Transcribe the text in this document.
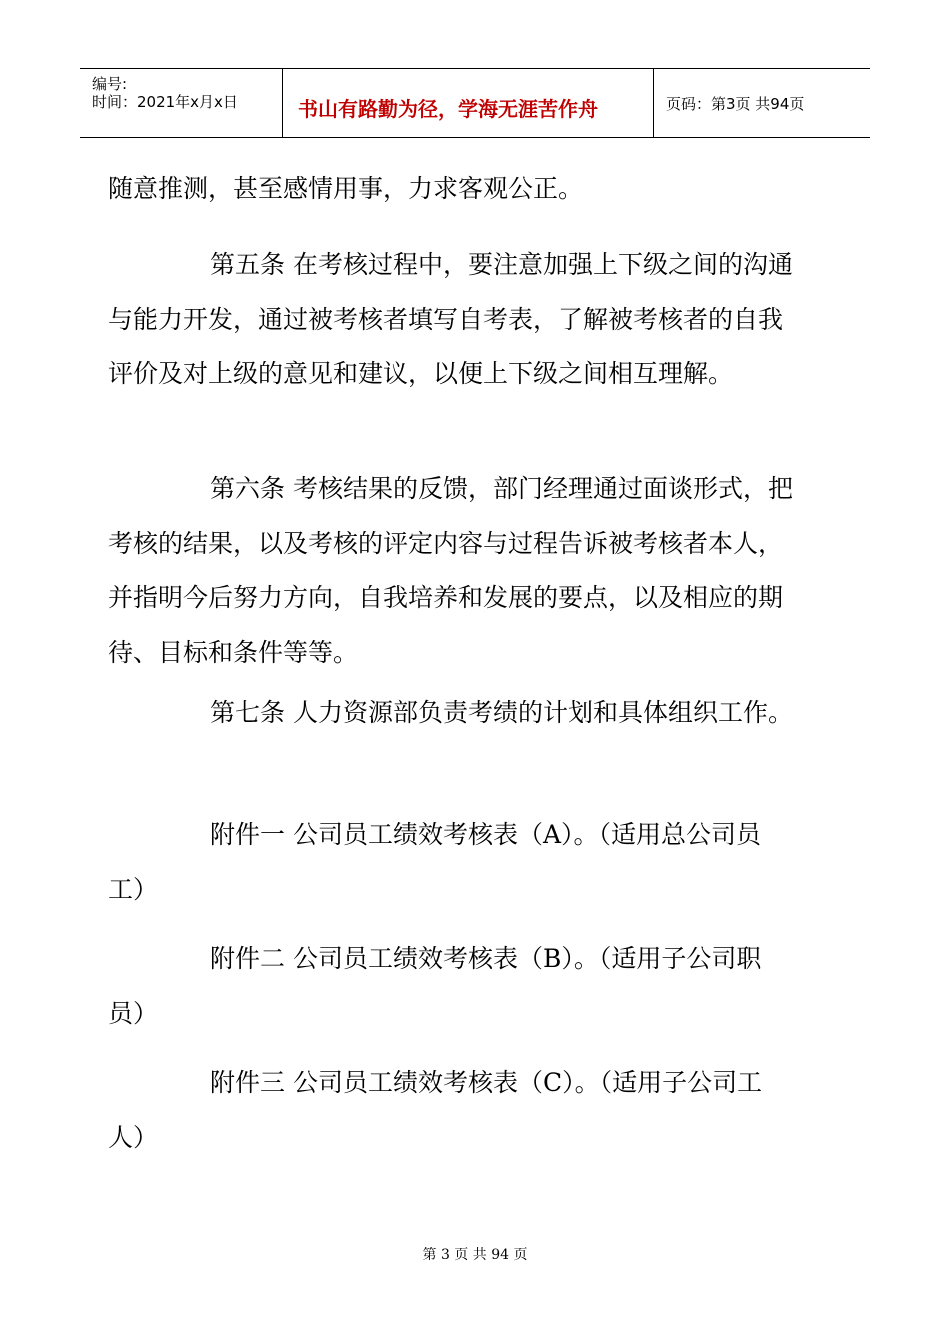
编号:
时间：2021年x月x日	书山有路勤为径，学海无涯苦作舟	页码：第3页 共94页

随意推测，甚至感情用事，力求客观公正。

第五条 在考核过程中，要注意加强上下级之间的沟通与能力开发，通过被考核者填写自考表，了解被考核者的自我评价及对上级的意见和建议，以便上下级之间相互理解。

第六条 考核结果的反馈，部门经理通过面谈形式，把考核的结果，以及考核的评定内容与过程告诉被考核者本人，并指明今后努力方向，自我培养和发展的要点，以及相应的期待、目标和条件等等。

第七条 人力资源部负责考绩的计划和具体组织工作。

附件一 公司员工绩效考核表（A）。（适用总公司员工）

附件二 公司员工绩效考核表（B）。（适用子公司职员）

附件三 公司员工绩效考核表（C）。（适用子公司工人）

第 3 页 共 94 页
